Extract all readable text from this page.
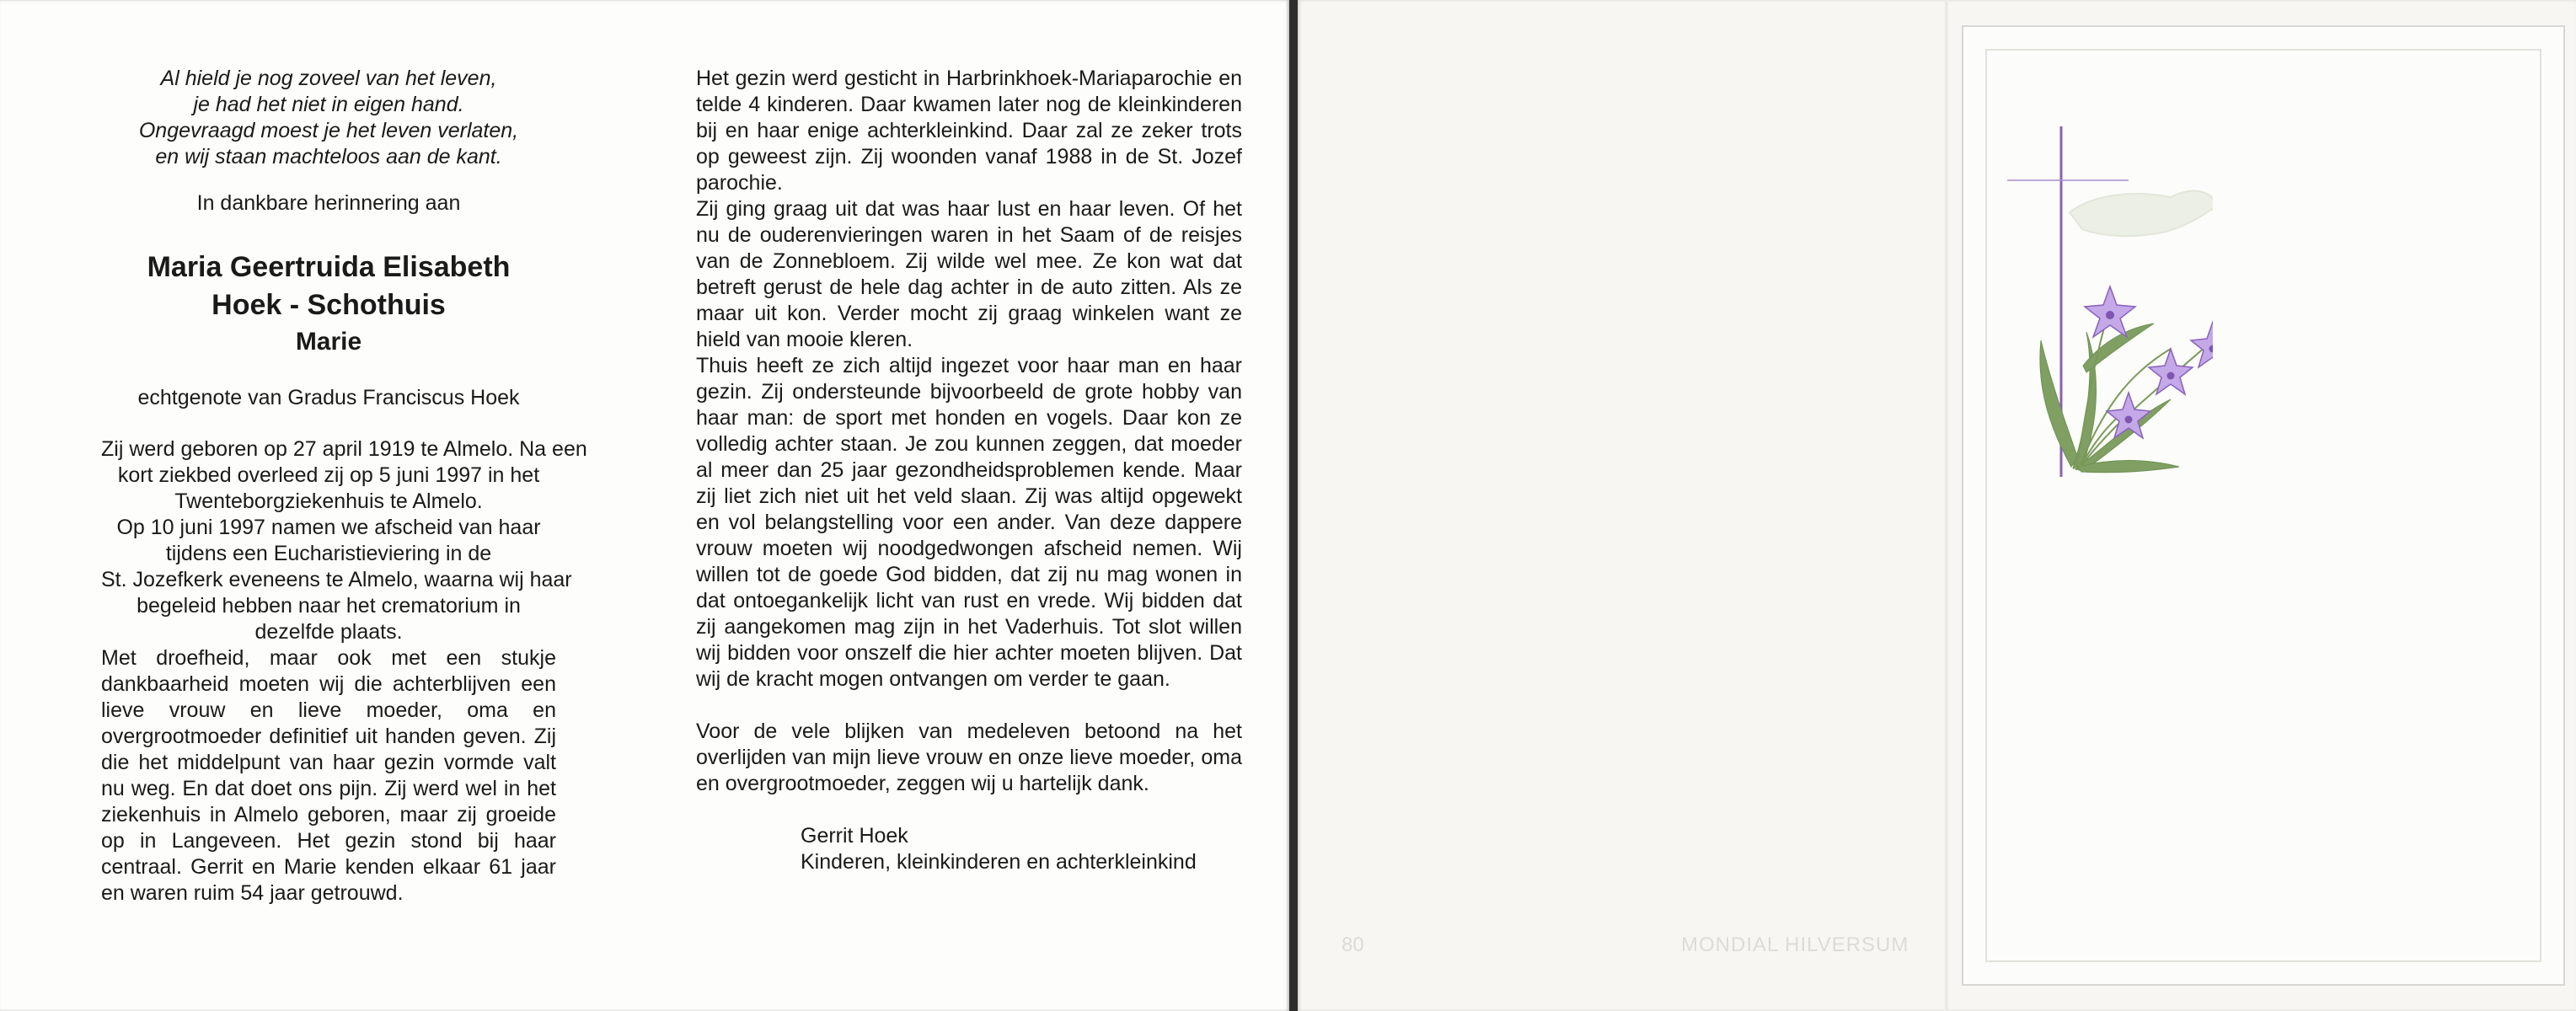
Al hield je nog zoveel van het leven,
je had het niet in eigen hand.
Ongevraagd moest je het leven verlaten,
en wij staan machteloos aan de kant.
In dankbare herinnering aan
Maria Geertruida Elisabeth
Hoek - Schothuis
Marie
echtgenote van Gradus Franciscus Hoek
Zij werd geboren op 27 april 1919 te Almelo. Na een
kort ziekbed overleed zij op 5 juni 1997 in het
Twenteborgziekenhuis te Almelo.
Op 10 juni 1997 namen we afscheid van haar
tijdens een Eucharistieviering in de
St. Jozefkerk eveneens te Almelo, waarna wij haar
begeleid hebben naar het crematorium in
dezelfde plaats.

Met droefheid, maar ook met een stukje dankbaarheid moeten wij die achterblijven een lieve vrouw en lieve moeder, oma en overgrootmoeder definitief uit handen geven. Zij die het middelpunt van haar gezin vormde valt nu weg. En dat doet ons pijn. Zij werd wel in het ziekenhuis in Almelo geboren, maar zij groeide op in Langeveen. Het gezin stond bij haar centraal. Gerrit en Marie kenden elkaar 61 jaar en waren ruim 54 jaar getrouwd.

Het gezin werd gesticht in Harbrinkhoek-Mariaparochie en telde 4 kinderen. Daar kwamen later nog de kleinkinderen bij en haar enige achterkleinkind. Daar zal ze zeker trots op geweest zijn. Zij woonden vanaf 1988 in de St. Jozef parochie.

Zij ging graag uit dat was haar lust en haar leven. Of het nu de ouderenvieringen waren in het Saam of de reisjes van de Zonnebloem. Zij wilde wel mee. Ze kon wat dat betreft gerust de hele dag achter in de auto zitten. Als ze maar uit kon. Verder mocht zij graag winkelen want ze hield van mooie kleren.

Thuis heeft ze zich altijd ingezet voor haar man en haar gezin. Zij ondersteunde bijvoorbeeld de grote hobby van haar man: de sport met honden en vogels. Daar kon ze volledig achter staan. Je zou kunnen zeggen, dat moeder al meer dan 25 jaar gezondheidsproblemen kende. Maar zij liet zich niet uit het veld slaan. Zij was altijd opgewekt en vol belangstelling voor een ander. Van deze dappere vrouw moeten wij noodgedwongen afscheid nemen. Wij willen tot de goede God bidden, dat zij nu mag wonen in dat ontoegankelijk licht van rust en vrede. Wij bidden dat zij aangekomen mag zijn in het Vaderhuis. Tot slot willen wij bidden voor onszelf die hier achter moeten blijven. Dat wij de kracht mogen ontvangen om verder te gaan.

Voor de vele blijken van medeleven betoond na het overlijden van mijn lieve vrouw en onze lieve moeder, oma en overgrootmoeder, zeggen wij u hartelijk dank.

Gerrit Hoek
Kinderen, kleinkinderen en achterkleinkind
80	MONDIAL HILVERSUM
